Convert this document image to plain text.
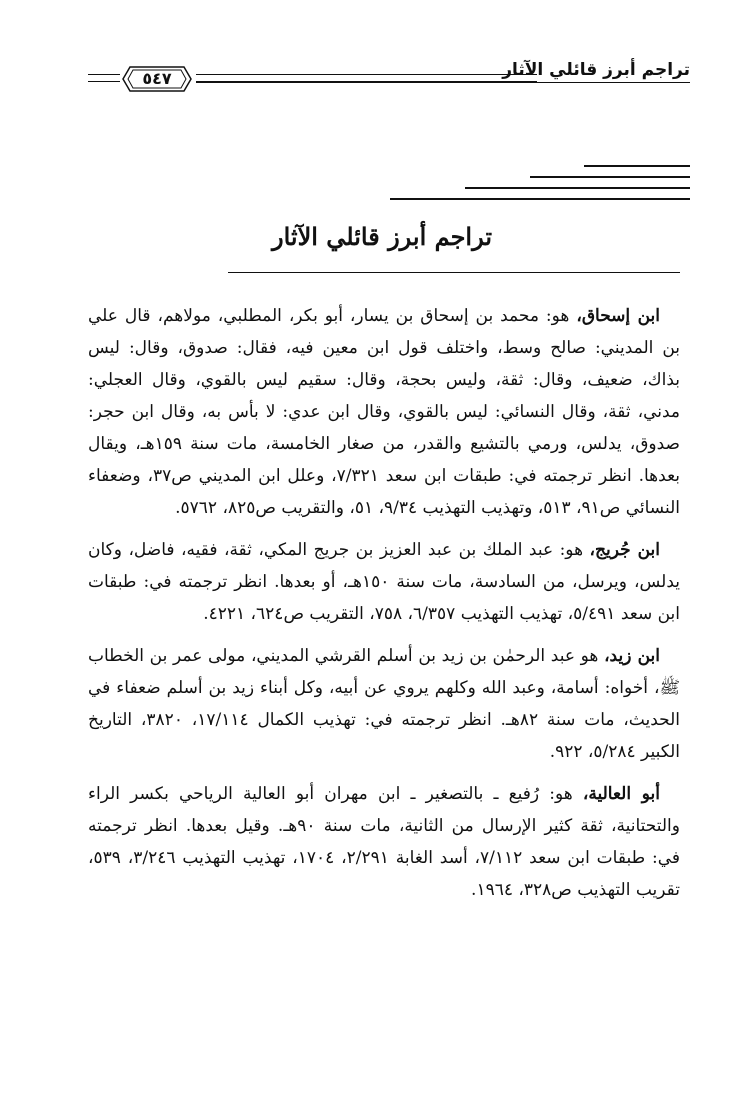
تراجم أبرز قائلي الآثار
٥٤٧
تراجم أبرز قائلي الآثار

ابن إسحاق، هو: محمد بن إسحاق بن يسار، أبو بكر، المطلبي، مولاهم، قال علي بن المديني: صالح وسط، واختلف قول ابن معين فيه، فقال: صدوق، وقال: ليس بذاك، ضعيف، وقال: ثقة، وليس بحجة، وقال: سقيم ليس بالقوي، وقال العجلي: مدني، ثقة، وقال النسائي: ليس بالقوي، وقال ابن عدي: لا بأس به، وقال ابن حجر: صدوق، يدلس، ورمي بالتشيع والقدر، من صغار الخامسة، مات سنة ١٥٩هـ، ويقال بعدها. انظر ترجمته في: طبقات ابن سعد ٧/٣٢١، وعلل ابن المديني ص٣٧، وضعفاء النسائي ص٩١، ٥١٣، وتهذيب التهذيب ٩/٣٤، ٥١، والتقريب ص٨٢٥، ٥٧٦٢.

ابن جُريج، هو: عبد الملك بن عبد العزيز بن جريج المكي، ثقة، فقيه، فاضل، وكان يدلس، ويرسل، من السادسة، مات سنة ١٥٠هـ، أو بعدها. انظر ترجمته في: طبقات ابن سعد ٥/٤٩١، تهذيب التهذيب ٦/٣٥٧، ٧٥٨، التقريب ص٦٢٤، ٤٢٢١.

ابن زيد، هو عبد الرحمٰن بن زيد بن أسلم القرشي المديني، مولى عمر بن الخطاب ﷺ، أخواه: أسامة، وعبد الله وكلهم يروي عن أبيه، وكل أبناء زيد بن أسلم ضعفاء في الحديث، مات سنة ٨٢هـ. انظر ترجمته في: تهذيب الكمال ١٧/١١٤، ٣٨٢٠، التاريخ الكبير ٥/٢٨٤، ٩٢٢.

أبو العالية، هو: رُفيع ـ بالتصغير ـ ابن مهران أبو العالية الرياحي بكسر الراء والتحتانية، ثقة كثير الإرسال من الثانية، مات سنة ٩٠هـ. وقيل بعدها. انظر ترجمته في: طبقات ابن سعد ٧/١١٢، أسد الغابة ٢/٢٩١، ١٧٠٤، تهذيب التهذيب ٣/٢٤٦، ٥٣٩، تقريب التهذيب ص٣٢٨، ١٩٦٤.
